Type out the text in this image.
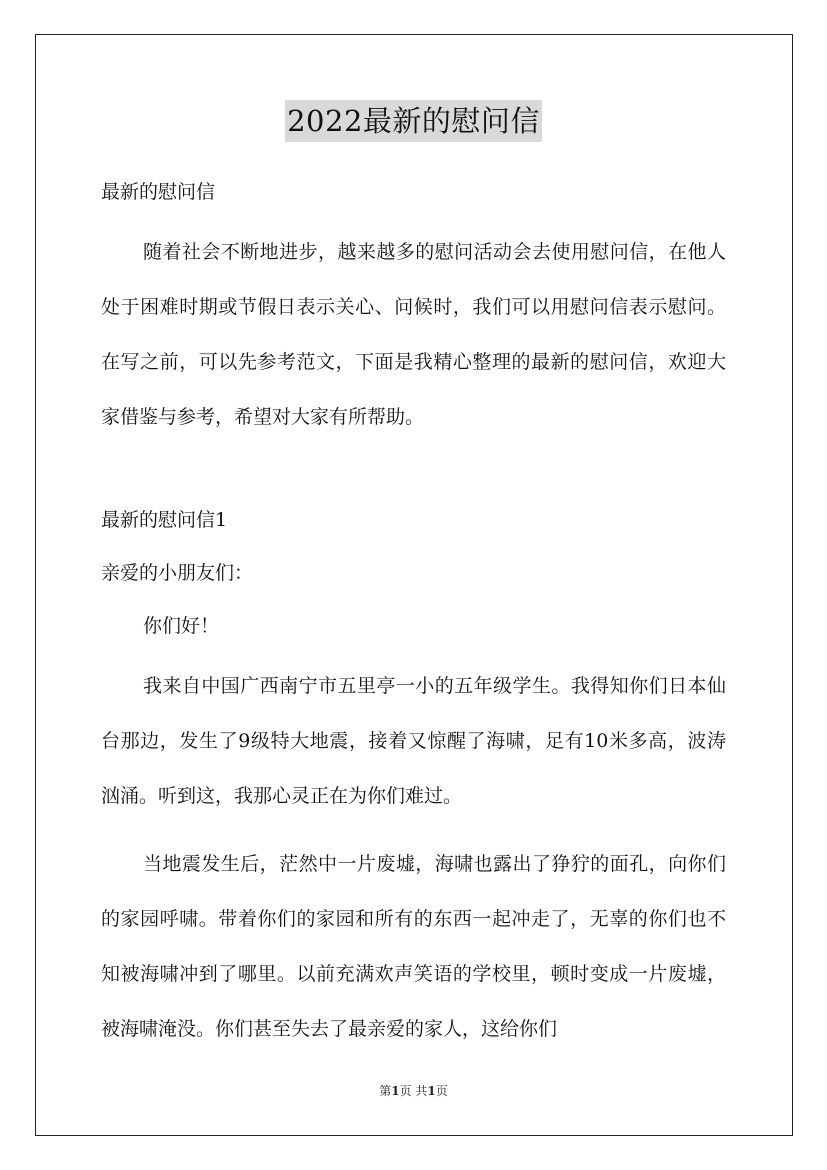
2022最新的慰问信
最新的慰问信

随着社会不断地进步，越来越多的慰问活动会去使用慰问信，在他人处于困难时期或节假日表示关心、问候时，我们可以用慰问信表示慰问。在写之前，可以先参考范文，下面是我精心整理的最新的慰问信，欢迎大家借鉴与参考，希望对大家有所帮助。

最新的慰问信1
亲爱的小朋友们：
你们好！

我来自中国广西南宁市五里亭一小的五年级学生。我得知你们日本仙台那边，发生了9级特大地震，接着又惊醒了海啸，足有10米多高，波涛汹涌。听到这，我那心灵正在为你们难过。

当地震发生后，茫然中一片废墟，海啸也露出了狰狞的面孔，向你们的家园呼啸。带着你们的家园和所有的东西一起冲走了，无辜的你们也不知被海啸冲到了哪里。以前充满欢声笑语的学校里，顿时变成一片废墟，被海啸淹没。你们甚至失去了最亲爱的家人，这给你们

第1页 共1页
